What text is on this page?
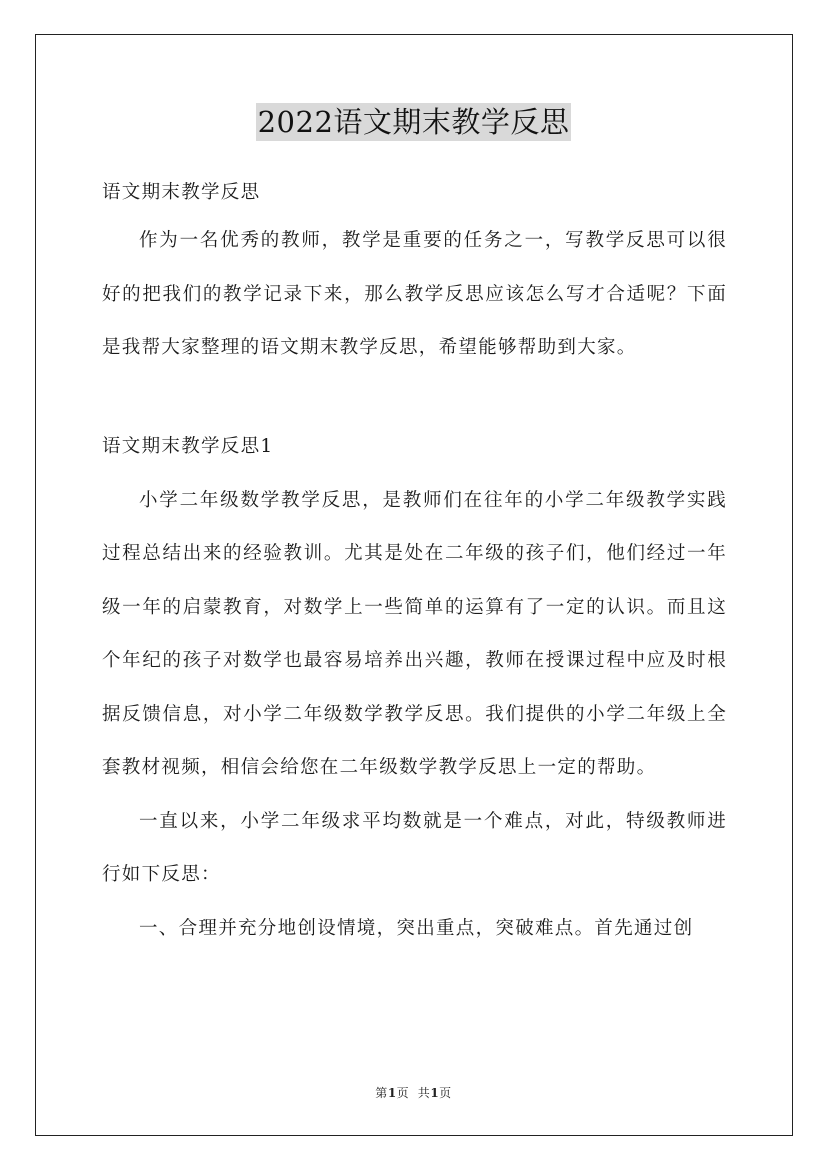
2022语文期末教学反思

语文期末教学反思

作为一名优秀的教师，教学是重要的任务之一，写教学反思可以很好的把我们的教学记录下来，那么教学反思应该怎么写才合适呢？下面是我帮大家整理的语文期末教学反思，希望能够帮助到大家。

语文期末教学反思1

小学二年级数学教学反思，是教师们在往年的小学二年级教学实践过程总结出来的经验教训。尤其是处在二年级的孩子们，他们经过一年级一年的启蒙教育，对数学上一些简单的运算有了一定的认识。而且这个年纪的孩子对数学也最容易培养出兴趣，教师在授课过程中应及时根据反馈信息，对小学二年级数学教学反思。我们提供的小学二年级上全套教材视频，相信会给您在二年级数学教学反思上一定的帮助。

一直以来，小学二年级求平均数就是一个难点，对此，特级教师进行如下反思：

一、合理并充分地创设情境，突出重点，突破难点。首先通过创

第1页  共1页
